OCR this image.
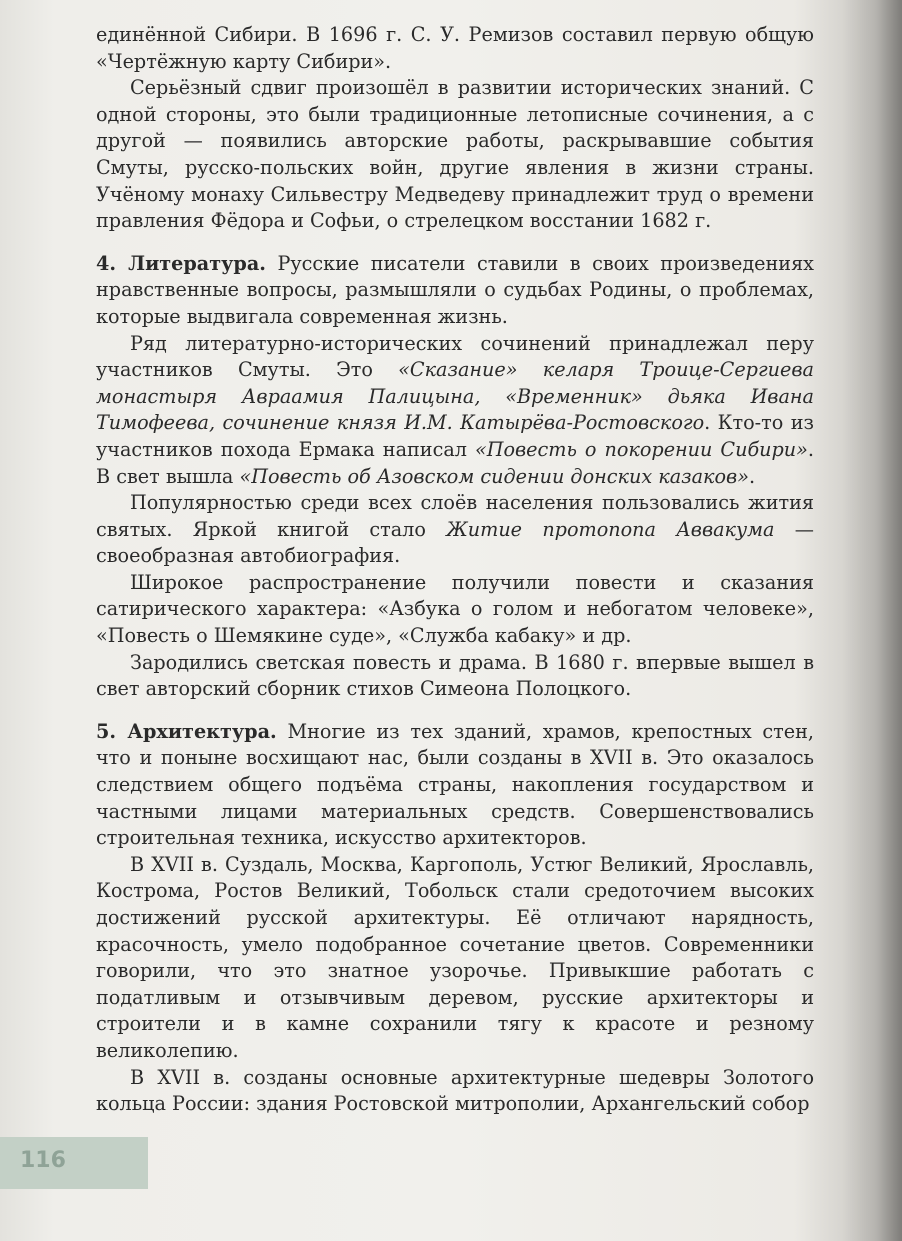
единённой Сибири. В 1696 г. С. У. Ремизов составил первую общую «Чертёжную карту Сибири».

Серьёзный сдвиг произошёл в развитии исторических знаний. С одной стороны, это были традиционные летописные сочинения, а с другой — появились авторские работы, раскрывавшие события Смуты, русско-польских войн, другие явления в жизни страны. Учёному монаху Сильвестру Медведеву принадлежит труд о времени правления Фёдора и Софьи, о стрелецком восстании 1682 г.

4. Литература. Русские писатели ставили в своих произведениях нравственные вопросы, размышляли о судьбах Родины, о проблемах, которые выдвигала современная жизнь.

Ряд литературно-исторических сочинений принадлежал перу участников Смуты. Это «Сказание» келаря Троице-Сергиева монастыря Авраамия Палицына, «Временник» дьяка Ивана Тимофеева, сочинение князя И.М. Катырёва-Ростовского. Кто-то из участников похода Ермака написал «Повесть о покорении Сибири». В свет вышла «Повесть об Азовском сидении донских казаков».

Популярностью среди всех слоёв населения пользовались жития святых. Яркой книгой стало Житие протопопа Аввакума — своеобразная автобиография.

Широкое распространение получили повести и сказания сатирического характера: «Азбука о голом и небогатом человеке», «Повесть о Шемякине суде», «Служба кабаку» и др.

Зародились светская повесть и драма. В 1680 г. впервые вышел в свет авторский сборник стихов Симеона Полоцкого.

5. Архитектура. Многие из тех зданий, храмов, крепостных стен, что и поныне восхищают нас, были созданы в XVII в. Это оказалось следствием общего подъёма страны, накопления государством и частными лицами материальных средств. Совершенствовались строительная техника, искусство архитекторов.

В XVII в. Суздаль, Москва, Каргополь, Устюг Великий, Ярославль, Кострома, Ростов Великий, Тобольск стали средоточием высоких достижений русской архитектуры. Её отличают нарядность, красочность, умело подобранное сочетание цветов. Современники говорили, что это знатное узорочье. Привыкшие работать с податливым и отзывчивым деревом, русские архитекторы и строители и в камне сохранили тягу к красоте и резному великолепию.

В XVII в. созданы основные архитектурные шедевры Золотого кольца России: здания Ростовской митрополии, Архангельский собор

116
